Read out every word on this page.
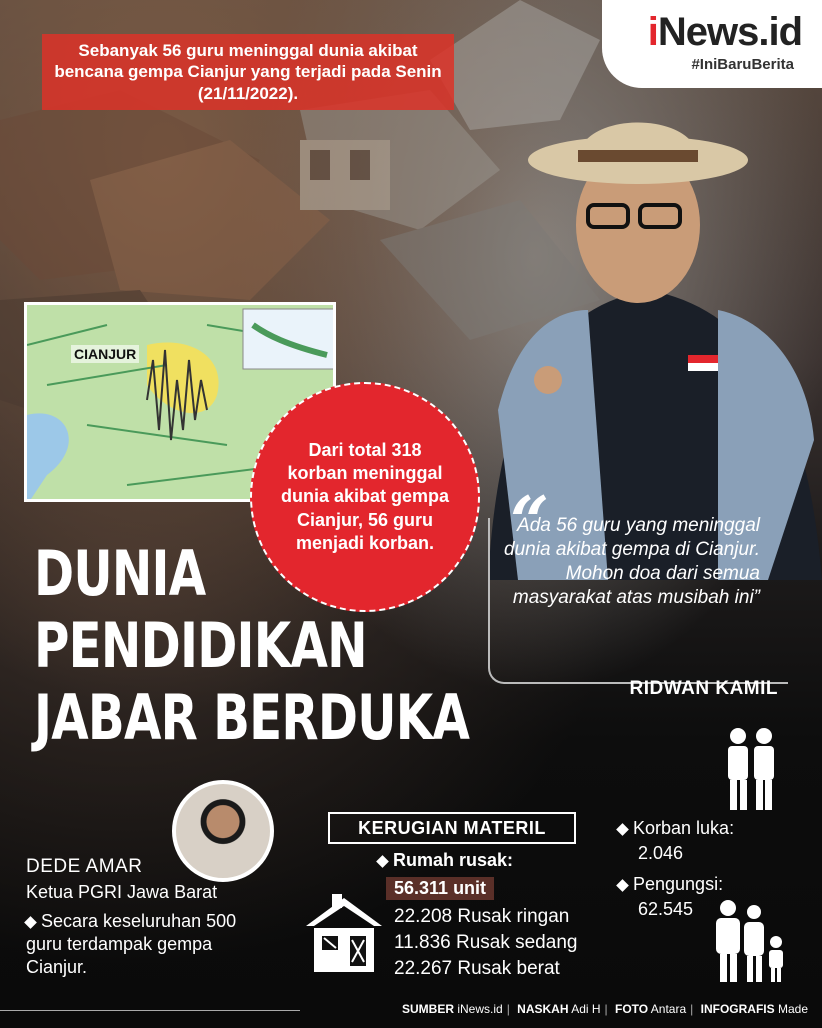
iNews.id
#IniBaruBerita
Sebanyak 56 guru meninggal dunia akibat bencana gempa Cianjur yang terjadi pada Senin (21/11/2022).
CIANJUR
Dari total 318 korban meninggal dunia akibat gempa Cianjur, 56 guru menjadi korban.
DUNIA
PENDIDIKAN
JABAR BERDUKA
“
Ada 56 guru yang meninggal dunia akibat gempa di Cianjur. Mohon doa dari semua masyarakat atas musibah ini”
RIDWAN KAMIL
DEDE AMAR
Ketua PGRI Jawa Barat
Secara keseluruhan 500 guru terdampak gempa Cianjur.
KERUGIAN MATERIL
Rumah rusak:
56.311 unit
22.208 Rusak ringan
11.836 Rusak sedang
22.267 Rusak berat
Korban luka:
2.046
Pengungsi:
62.545
SUMBER iNews.id | NASKAH Adi H | FOTO Antara | INFOGRAFIS Made
